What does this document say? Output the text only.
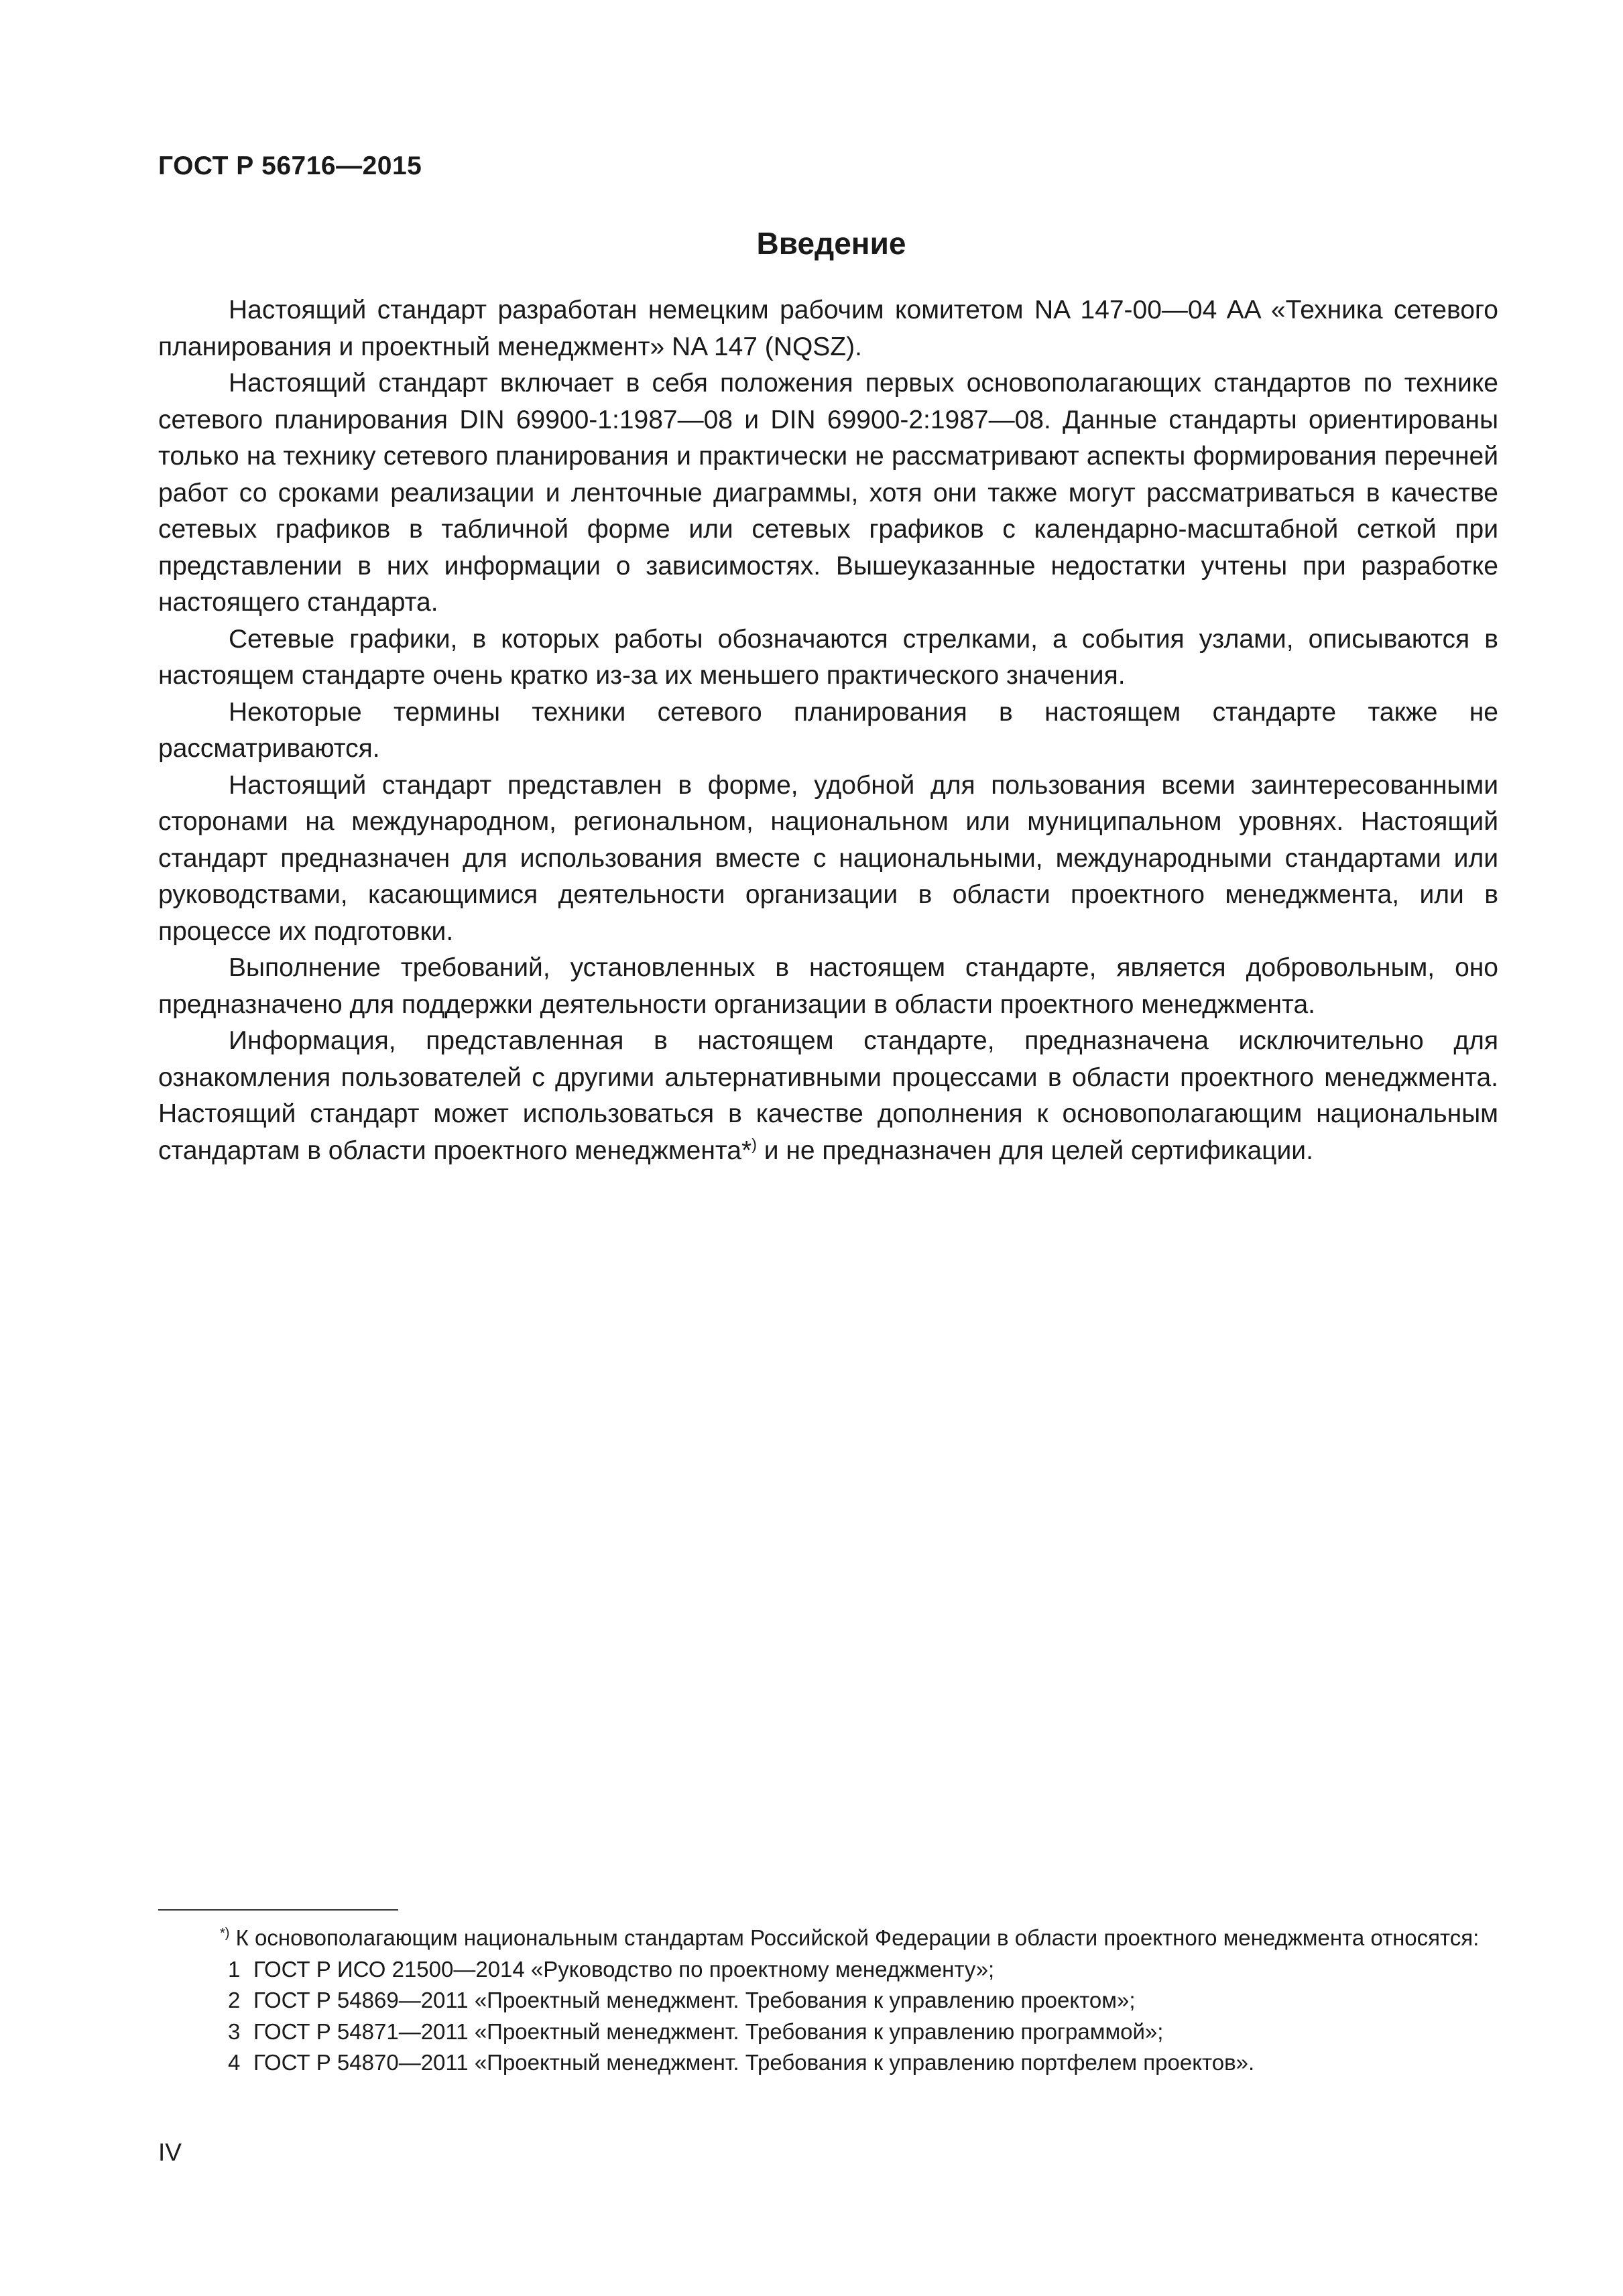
ГОСТ Р 56716—2015
Введение

Настоящий стандарт разработан немецким рабочим комитетом NA 147-00—04 AA «Техника сетевого планирования и проектный менеджмент» NA 147 (NQSZ).

Настоящий стандарт включает в себя положения первых основополагающих стандартов по технике сетевого планирования DIN 69900-1:1987—08 и DIN 69900-2:1987—08. Данные стандарты ориентированы только на технику сетевого планирования и практически не рассматривают аспекты формирования перечней работ со сроками реализации и ленточные диаграммы, хотя они также могут рассматриваться в качестве сетевых графиков в табличной форме или сетевых графиков с календарно-масштабной сеткой при представлении в них информации о зависимостях. Вышеуказанные недостатки учтены при разработке настоящего стандарта.

Сетевые графики, в которых работы обозначаются стрелками, а события узлами, описываются в настоящем стандарте очень кратко из-за их меньшего практического значения.

Некоторые термины техники сетевого планирования в настоящем стандарте также не рассматриваются.

Настоящий стандарт представлен в форме, удобной для пользования всеми заинтересованными сторонами на международном, региональном, национальном или муниципальном уровнях. Настоящий стандарт предназначен для использования вместе с национальными, международными стандартами или руководствами, касающимися деятельности организации в области проектного менеджмента, или в процессе их подготовки.

Выполнение требований, установленных в настоящем стандарте, является добровольным, оно предназначено для поддержки деятельности организации в области проектного менеджмента.

Информация, представленная в настоящем стандарте, предназначена исключительно для ознакомления пользователей с другими альтернативными процессами в области проектного менеджмента. Настоящий стандарт может использоваться в качестве дополнения к основополагающим национальным стандартам в области проектного менеджмента*) и не предназначен для целей сертификации.

*) К основополагающим национальным стандартам Российской Федерации в области проектного менеджмента относятся:

1 ГОСТ Р ИСО 21500—2014 «Руководство по проектному менеджменту»;

2 ГОСТ Р 54869—2011 «Проектный менеджмент. Требования к управлению проектом»;

3 ГОСТ Р 54871—2011 «Проектный менеджмент. Требования к управлению программой»;

4 ГОСТ Р 54870—2011 «Проектный менеджмент. Требования к управлению портфелем проектов».

IV
